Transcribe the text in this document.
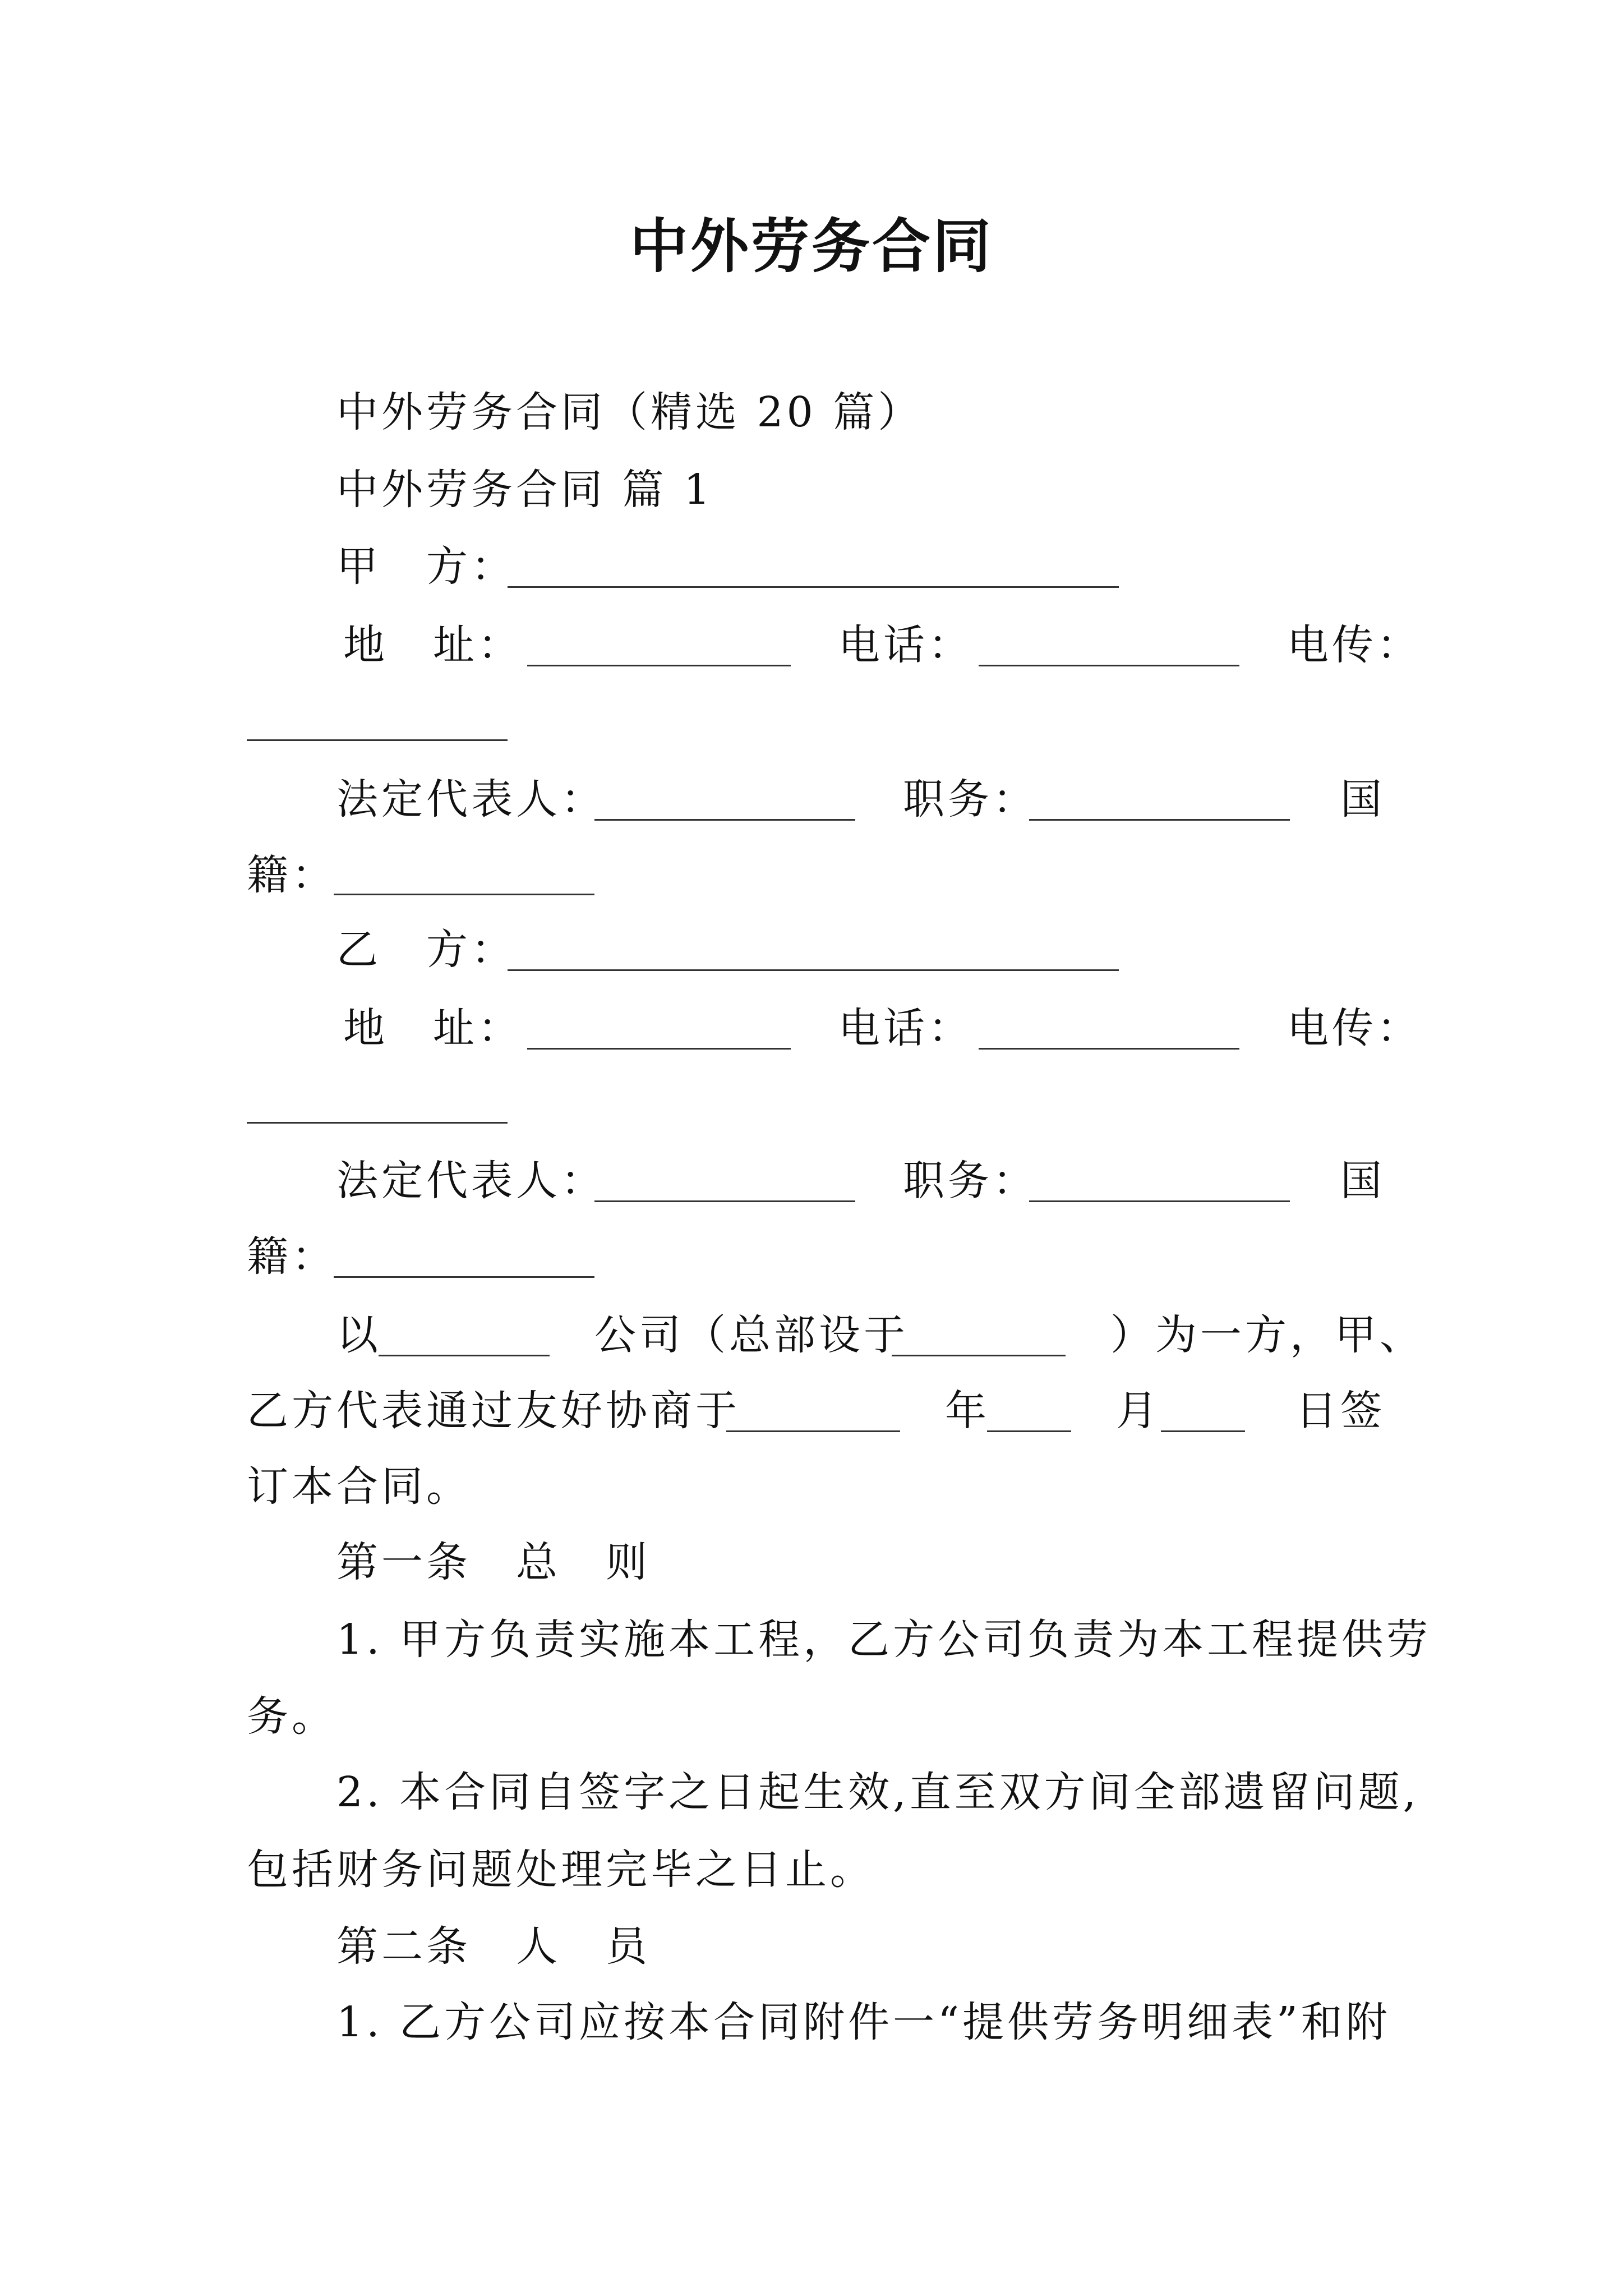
中外劳务合同
中外劳务合同（精选 20 篇）
中外劳务合同 篇 1
甲　方：
地　址：	电话：	电传：
法定代表人：	职务：	国
籍：
乙　方：
地　址：	电话：	电传：
法定代表人：	职务：	国
籍：
以	公司（总部设于	）为一方，甲、
乙方代表通过友好协商于	年	月	日签
订本合同。
第一条　总　则
1. 甲方负责实施本工程，乙方公司负责为本工程提供劳
务。
2. 本合同自签字之日起生效,直至双方间全部遗留问题,
包括财务问题处理完毕之日止。
第二条　人　员
1. 乙方公司应按本合同附件一“提供劳务明细表”和附
